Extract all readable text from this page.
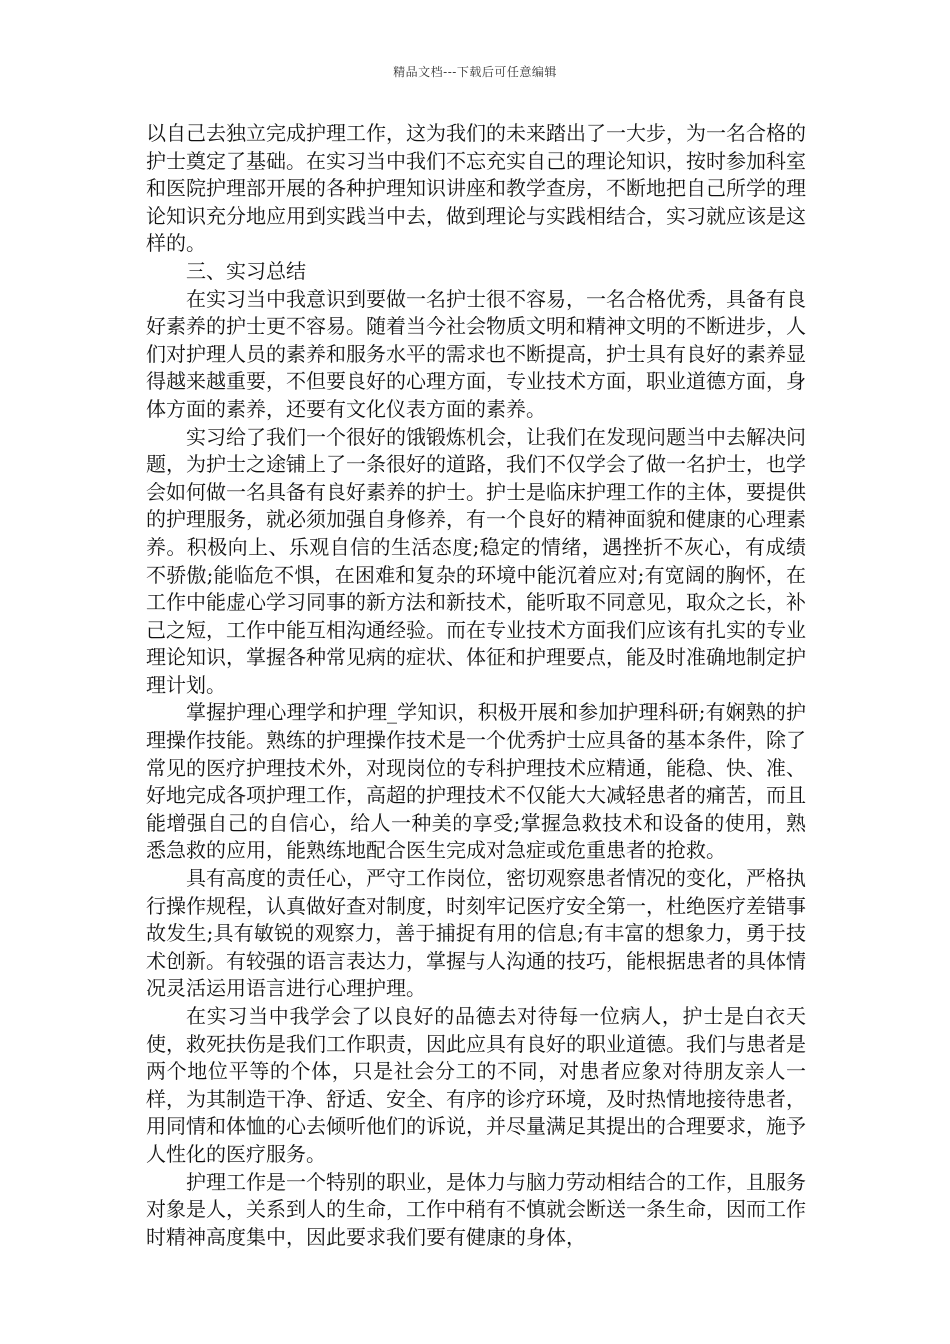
精品文档---下载后可任意编辑

以自己去独立完成护理工作，这为我们的未来踏出了一大步，为一名合格的护士奠定了基础。在实习当中我们不忘充实自己的理论知识，按时参加科室和医院护理部开展的各种护理知识讲座和教学查房，不断地把自己所学的理论知识充分地应用到实践当中去，做到理论与实践相结合，实习就应该是这样的。

三、实习总结

在实习当中我意识到要做一名护士很不容易，一名合格优秀，具备有良好素养的护士更不容易。随着当今社会物质文明和精神文明的不断进步，人们对护理人员的素养和服务水平的需求也不断提高，护士具有良好的素养显得越来越重要，不但要良好的心理方面，专业技术方面，职业道德方面，身体方面的素养，还要有文化仪表方面的素养。

实习给了我们一个很好的饿锻炼机会，让我们在发现问题当中去解决问题，为护士之途铺上了一条很好的道路，我们不仅学会了做一名护士，也学会如何做一名具备有良好素养的护士。护士是临床护理工作的主体，要提供的护理服务，就必须加强自身修养，有一个良好的精神面貌和健康的心理素养。积极向上、乐观自信的生活态度;稳定的情绪，遇挫折不灰心，有成绩不骄傲;能临危不惧，在困难和复杂的环境中能沉着应对;有宽阔的胸怀，在工作中能虚心学习同事的新方法和新技术，能听取不同意见，取众之长，补己之短，工作中能互相沟通经验。而在专业技术方面我们应该有扎实的专业理论知识，掌握各种常见病的症状、体征和护理要点，能及时准确地制定护理计划。

掌握护理心理学和护理_学知识，积极开展和参加护理科研;有娴熟的护理操作技能。熟练的护理操作技术是一个优秀护士应具备的基本条件，除了常见的医疗护理技术外，对现岗位的专科护理技术应精通，能稳、快、准、好地完成各项护理工作，高超的护理技术不仅能大大减轻患者的痛苦，而且能增强自己的自信心，给人一种美的享受;掌握急救技术和设备的使用，熟悉急救的应用，能熟练地配合医生完成对急症或危重患者的抢救。

具有高度的责任心，严守工作岗位，密切观察患者情况的变化，严格执行操作规程，认真做好查对制度，时刻牢记医疗安全第一，杜绝医疗差错事故发生;具有敏锐的观察力，善于捕捉有用的信息;有丰富的想象力，勇于技术创新。有较强的语言表达力，掌握与人沟通的技巧，能根据患者的具体情况灵活运用语言进行心理护理。

在实习当中我学会了以良好的品德去对待每一位病人，护士是白衣天使，救死扶伤是我们工作职责，因此应具有良好的职业道德。我们与患者是两个地位平等的个体，只是社会分工的不同，对患者应象对待朋友亲人一样，为其制造干净、舒适、安全、有序的诊疗环境，及时热情地接待患者，用同情和体恤的心去倾听他们的诉说，并尽量满足其提出的合理要求，施予人性化的医疗服务。

护理工作是一个特别的职业，是体力与脑力劳动相结合的工作，且服务对象是人，关系到人的生命，工作中稍有不慎就会断送一条生命，因而工作时精神高度集中，因此要求我们要有健康的身体，
